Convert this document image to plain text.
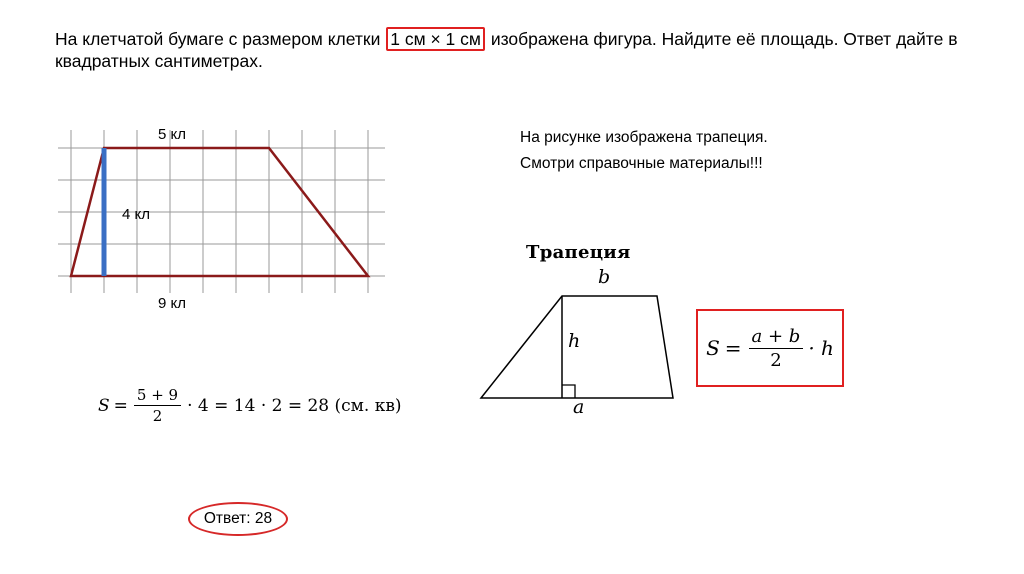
На клетчатой бумаге с размером клетки 1 см × 1 см изображена фигура. Найдите её площадь. Ответ дайте в квадратных сантиметрах.
5 кл
4 кл
9 кл
На рисунке изображена трапеция.
Смотри справочные материалы!!!
$S = \frac{5 + 9}{2} \cdot 4 = 14 \cdot 2 = 28$ (см. кв)
Ответ: 28
Трапеция
b
h
a
$S = \frac{a + b}{2} \cdot h$
